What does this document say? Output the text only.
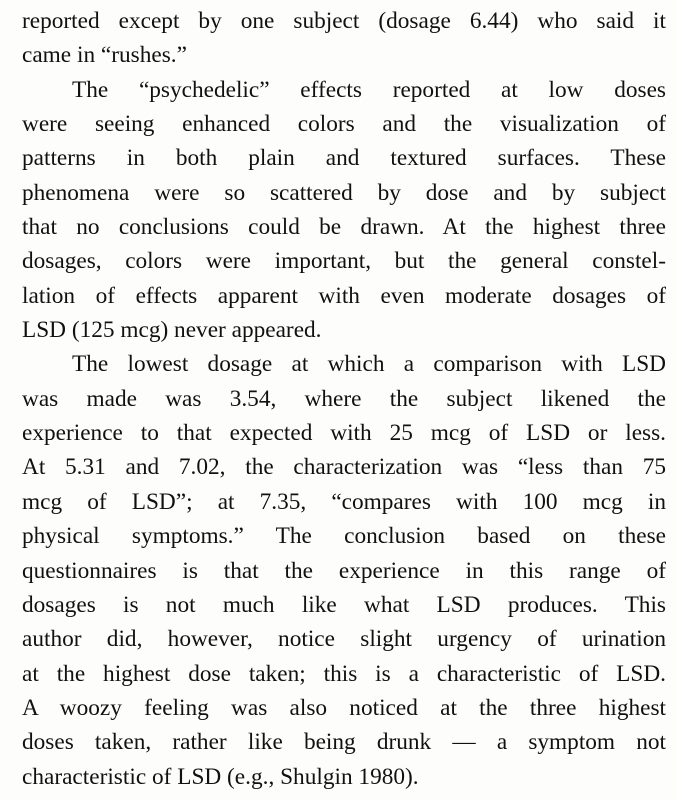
reported except by one subject (dosage 6.44) who said it
came in “rushes.”
The “psychedelic” effects reported at low doses
were seeing enhanced colors and the visualization of
patterns in both plain and textured surfaces. These
phenomena were so scattered by dose and by subject
that no conclusions could be drawn. At the highest three
dosages, colors were important, but the general constel-
lation of effects apparent with even moderate dosages of
LSD (125 mcg) never appeared.
The lowest dosage at which a comparison with LSD
was made was 3.54, where the subject likened the
experience to that expected with 25 mcg of LSD or less.
At 5.31 and 7.02, the characterization was “less than 75
mcg of LSD”; at 7.35, “compares with 100 mcg in
physical symptoms.” The conclusion based on these
questionnaires is that the experience in this range of
dosages is not much like what LSD produces. This
author did, however, notice slight urgency of urination
at the highest dose taken; this is a characteristic of LSD.
A woozy feeling was also noticed at the three highest
doses taken, rather like being drunk — a symptom not
characteristic of LSD (e.g., Shulgin 1980).
